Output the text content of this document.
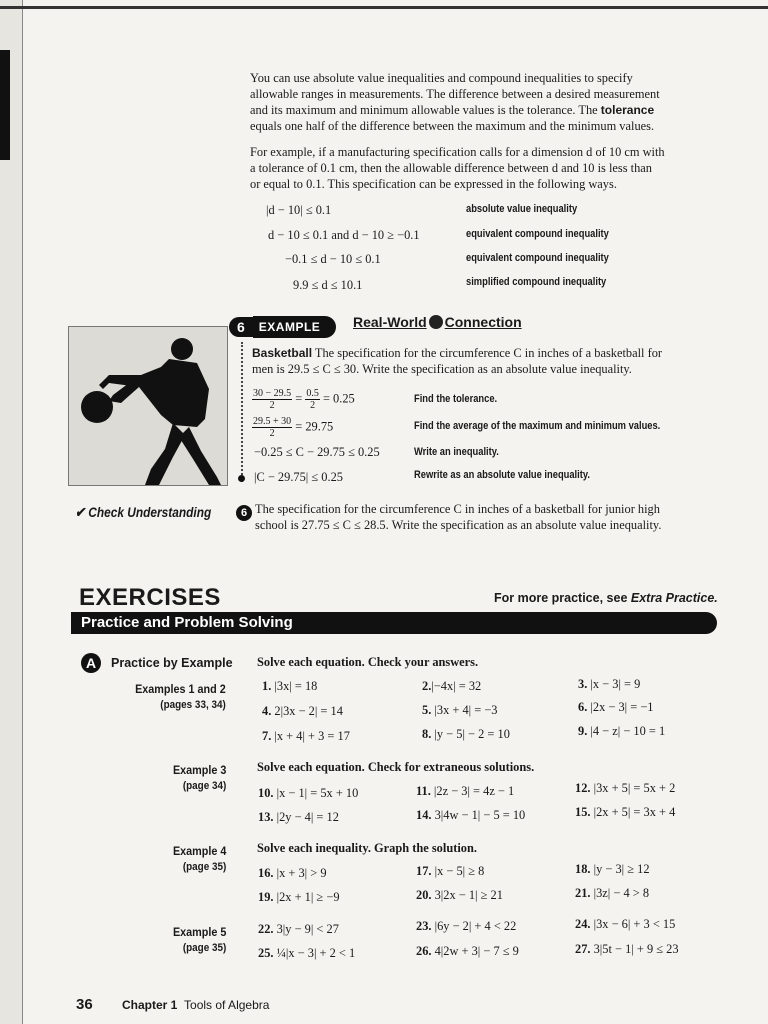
You can use absolute value inequalities and compound inequalities to specify
allowable ranges in measurements. The difference between a desired measurement
and its maximum and minimum allowable values is the tolerance. The tolerance
equals one half of the difference between the maximum and the minimum values.
For example, if a manufacturing specification calls for a dimension d of 10 cm with
a tolerance of 0.1 cm, then the allowable difference between d and 10 is less than
or equal to 0.1. This specification can be expressed in the following ways.
|d − 10| ≤ 0.1	absolute value inequality
d − 10 ≤ 0.1 and d − 10 ≥ −0.1	equivalent compound inequality
−0.1 ≤ d − 10 ≤ 0.1	equivalent compound inequality
9.9 ≤ d ≤ 10.1	simplified compound inequality
6	EXAMPLE	Real-World Connection
Basketball The specification for the circumference C in inches of a basketball for
men is 29.5 ≤ C ≤ 30. Write the specification as an absolute value inequality.
$\frac{30 - 29.5}{2} = \frac{0.5}{2} = 0.25$	Find the tolerance.
$\frac{29.5 + 30}{2} = 29.75$	Find the average of the maximum and minimum values.
−0.25 ≤ C − 29.75 ≤ 0.25	Write an inequality.
|C − 29.75| ≤ 0.25	Rewrite as an absolute value inequality.
✔ Check Understanding	6 The specification for the circumference C in inches of a basketball for junior high
school is 27.75 ≤ C ≤ 28.5. Write the specification as an absolute value inequality.
EXERCISES	For more practice, see Extra Practice.
Practice and Problem Solving
A	Practice by Example
Examples 1 and 2
(pages 33, 34)
Solve each equation. Check your answers.
1. |3x| = 18	2.|−4x| = 32	3. |x − 3| = 9
4. 2|3x − 2| = 14	5. |3x + 4| = −3	6. |2x − 3| = −1
7. |x + 4| + 3 = 17	8. |y − 5| − 2 = 10	9. |4 − z| − 10 = 1
Example 3
(page 34)
Solve each equation. Check for extraneous solutions.
10. |x − 1| = 5x + 10	11. |2z − 3| = 4z − 1	12. |3x + 5| = 5x + 2
13. |2y − 4| = 12	14. 3|4w − 1| − 5 = 10	15. |2x + 5| = 3x + 4
Example 4
(page 35)
Solve each inequality. Graph the solution.
16. |x + 3| > 9	17. |x − 5| ≥ 8	18. |y − 3| ≥ 12
19. |2x + 1| ≥ −9	20. 3|2x − 1| ≥ 21	21. |3z| − 4 > 8
Example 5
(page 35)
22. 3|y − 9| < 27	23. |6y − 2| + 4 < 22	24. |3x − 6| + 3 < 15
25. ¼|x − 3| + 2 < 1	26. 4|2w + 3| − 7 ≤ 9	27. 3|5t − 1| + 9 ≤ 23
36 Chapter 1 Tools of Algebra
